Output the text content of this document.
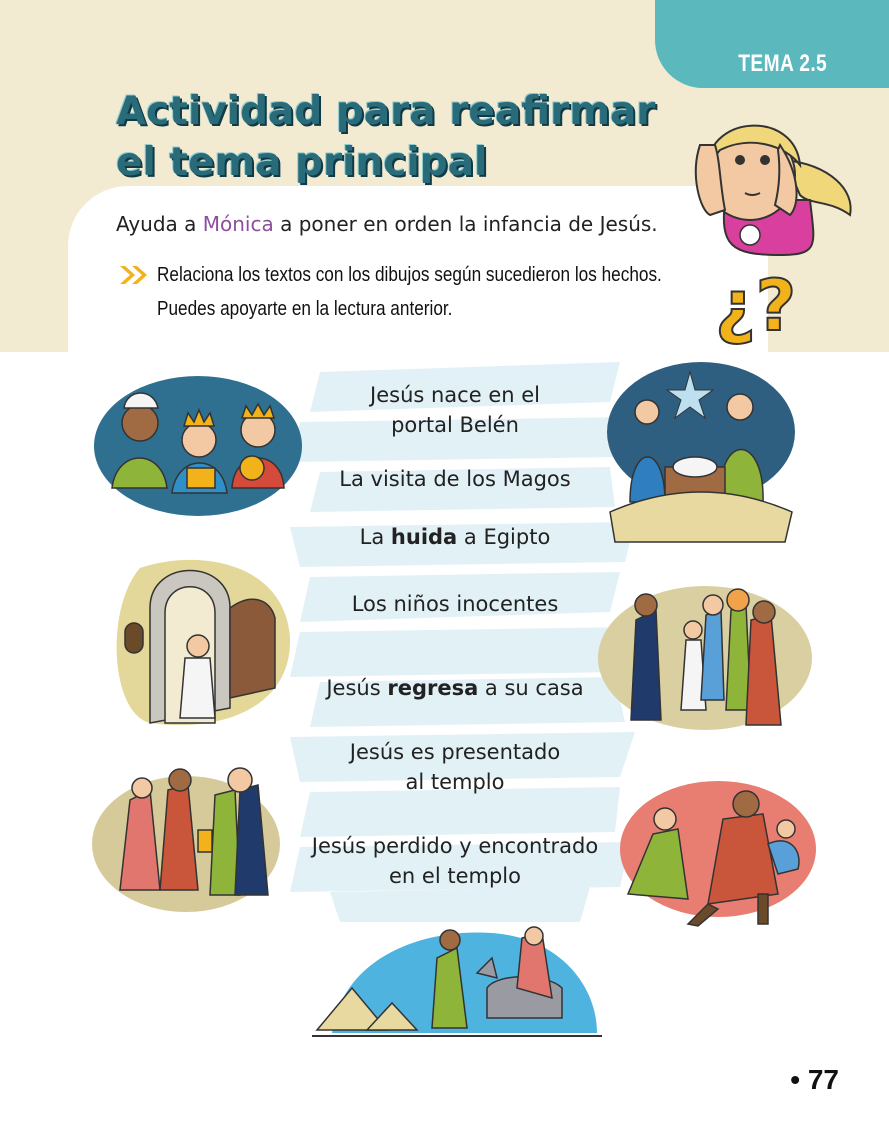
TEMA 2.5
Actividad para reafirmar
el tema principal
¿?

Ayuda a Mónica a poner en orden la infancia de Jesús.

Relaciona los textos con los dibujos según sucedieron los hechos.
Puedes apoyarte en la lectura anterior.

Jesús nace en el
portal Belén
La visita de los Magos
La huida a Egipto
Los niños inocentes
Jesús regresa a su casa
Jesús es presentado
al templo
Jesús perdido y encontrado
en el templo

• 77
